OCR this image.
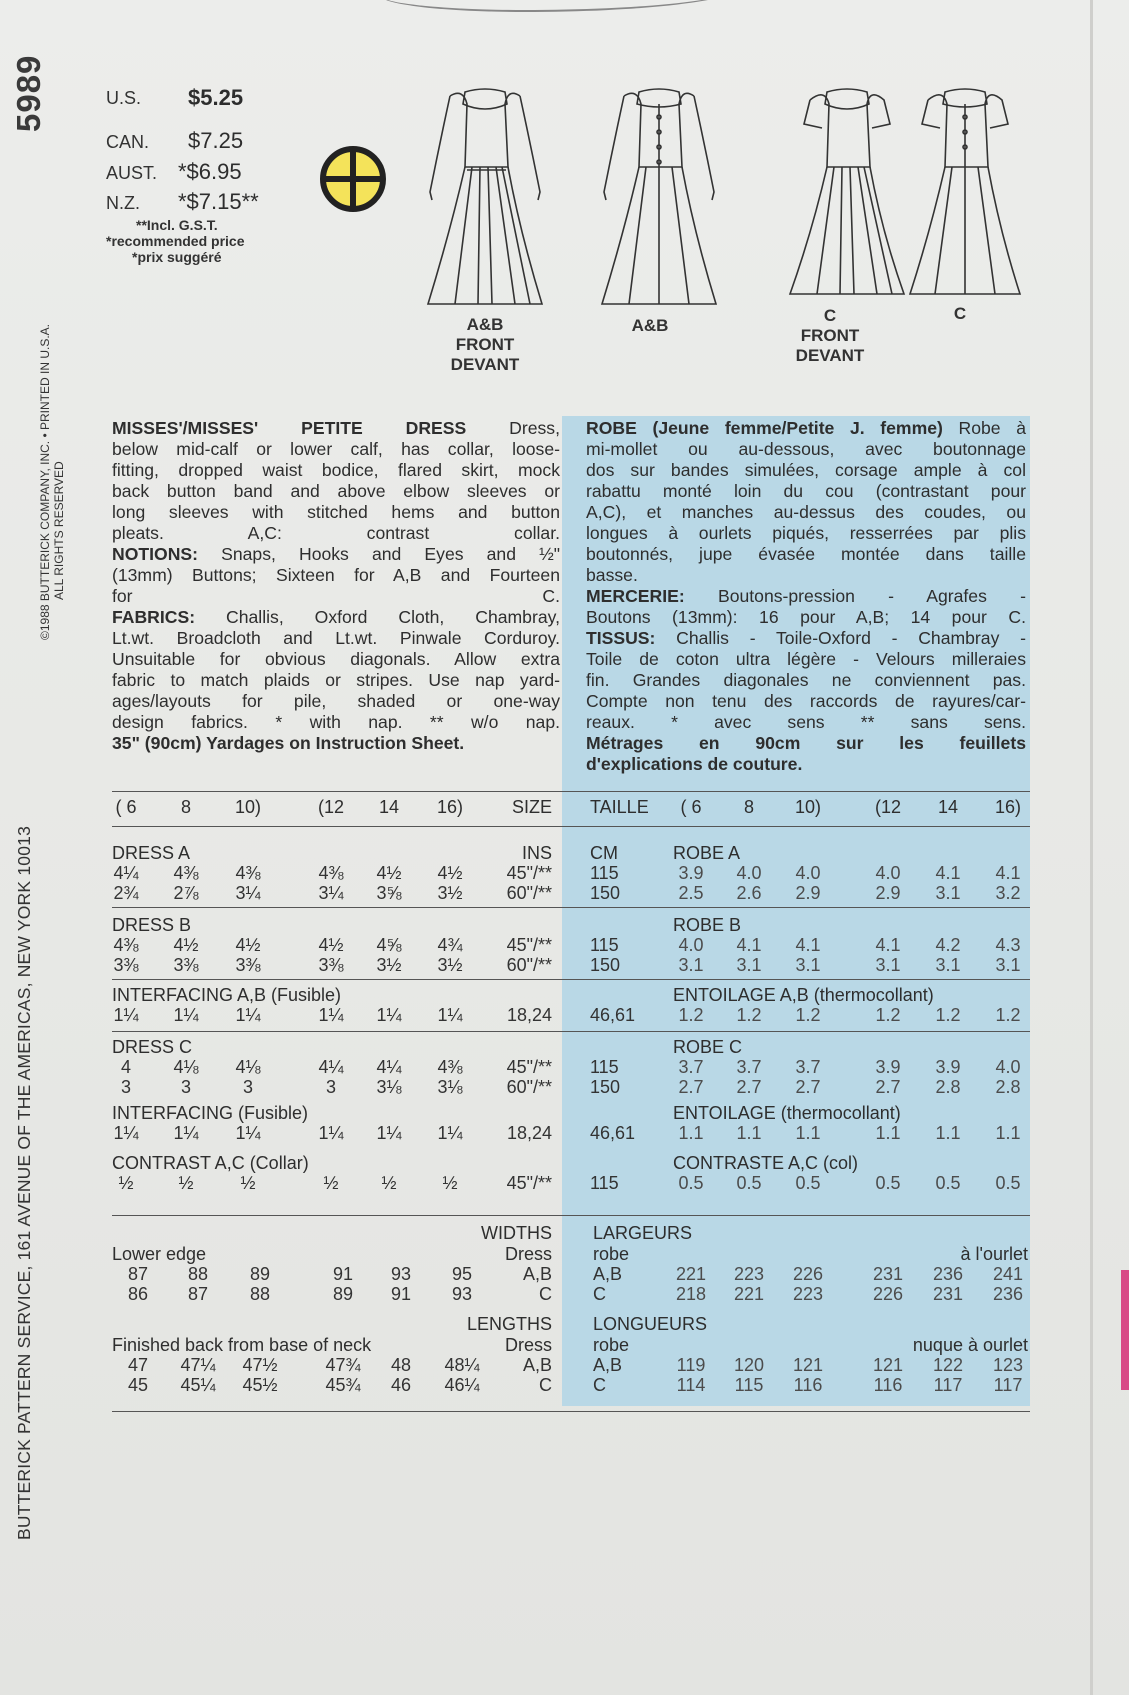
5989
BUTTERICK PATTERN SERVICE, 161 AVENUE OF THE AMERICAS, NEW YORK 10013
©1988 BUTTERICK COMPANY, INC. • PRINTED IN U.S.A. ALL RIGHTS RESERVED
U.S. $5.25
CAN. $7.25
AUST. *$6.95
N.Z. *$7.15**
**Incl. G.S.T.
*recommended price
*prix suggéré
A&B
FRONT
DEVANT
A&B
C
FRONT
DEVANT
C
MISSES'/MISSES' PETITE DRESS Dress,
below mid-calf or lower calf, has collar, loose-
fitting, dropped waist bodice, flared skirt, mock
back button band and above elbow sleeves or
long sleeves with stitched hems and button
pleats. A,C: contrast collar.
NOTIONS: Snaps, Hooks and Eyes and ½"
(13mm) Buttons; Sixteen for A,B and Fourteen
for C.
FABRICS: Challis, Oxford Cloth, Chambray,
Lt.wt. Broadcloth and Lt.wt. Pinwale Corduroy.
Unsuitable for obvious diagonals. Allow extra
fabric to match plaids or stripes. Use nap yard-
ages/layouts for pile, shaded or one-way
design fabrics. * with nap. ** w/o nap.
35" (90cm) Yardages on Instruction Sheet.
ROBE (Jeune femme/Petite J. femme) Robe à
mi-mollet ou au-dessous, avec boutonnage
dos sur bandes simulées, corsage ample à col
rabattu monté loin du cou (contrastant pour
A,C), et manches au-dessus des coudes, ou
longues à ourlets piqués, resserrées par plis
boutonnés, jupe évasée montée dans taille
basse.
MERCERIE: Boutons-pression - Agrafes -
Boutons (13mm): 16 pour A,B; 14 pour C.
TISSUS: Challis - Toile-Oxford - Chambray -
Toile de coton ultra légère - Velours milleraies
fin. Grandes diagonales ne conviennent pas.
Compte non tenu des raccords de rayures/car-
reaux. * avec sens ** sans sens.
Métrages en 90cm sur les feuillets
d'explications de couture.
( 6 8 10)	(12 14 16)	SIZE TAILLE ( 6 8 10)	(12 14 16)
DRESS A	ROBE A
INS CM
4¼ 4⅜ 4⅜	4⅜ 4½ 4½ 45"/** 115	3.9 4.0 4.0	4.0 4.1 4.1
2¾ 2⅞ 3¼	3¼ 3⅝ 3½ 60"/** 150	2.5 2.6 2.9	2.9 3.1 3.2
DRESS B	ROBE B
4⅜ 4½ 4½	4½ 4⅝ 4¾ 45"/** 115	4.0 4.1 4.1	4.1 4.2 4.3
3⅜ 3⅜ 3⅜	3⅜ 3½ 3½ 60"/** 150	3.1 3.1 3.1	3.1 3.1 3.1
INTERFACING A,B (Fusible)	ENTOILAGE A,B (thermocollant)
1¼ 1¼ 1¼	1¼ 1¼ 1¼ 18,24 46,61 1.2 1.2 1.2	1.2 1.2 1.2
DRESS C	ROBE C
4 4⅛ 4⅛	4¼ 4¼ 4⅜ 45"/** 115	3.7 3.7 3.7	3.9 3.9 4.0
3	3	3	3 3⅛ 3⅛ 60"/** 150	2.7 2.7 2.7	2.7 2.8 2.8
INTERFACING (Fusible)	ENTOILAGE (thermocollant)
1¼ 1¼ 1¼	1¼ 1¼ 1¼ 18,24 46,61 1.1 1.1 1.1	1.1 1.1 1.1
CONTRAST A,C (Collar)	CONTRASTE A,C (col)
½ ½	½	½ ½	½	45"/** 115	0.5 0.5 0.5	0.5 0.5 0.5
WIDTHS LARGEURS
Lower edge	Dress robe	à l'ourlet
87 88 89	91 93 95	A,B A,B	221 223 226	231 236 241
86 87 88	89 91 93	C C	218 221 223	226 231 236
LENGTHS LONGUEURS
Finished back from base of neck	Dress robe	nuque à ourlet
47 47¼ 47½	47¾ 48 48¼ A,B A,B	119 120 121	121 122 123
45 45¼ 45½	45¾ 46 46¼	C C	114 115 116	116 117 117
